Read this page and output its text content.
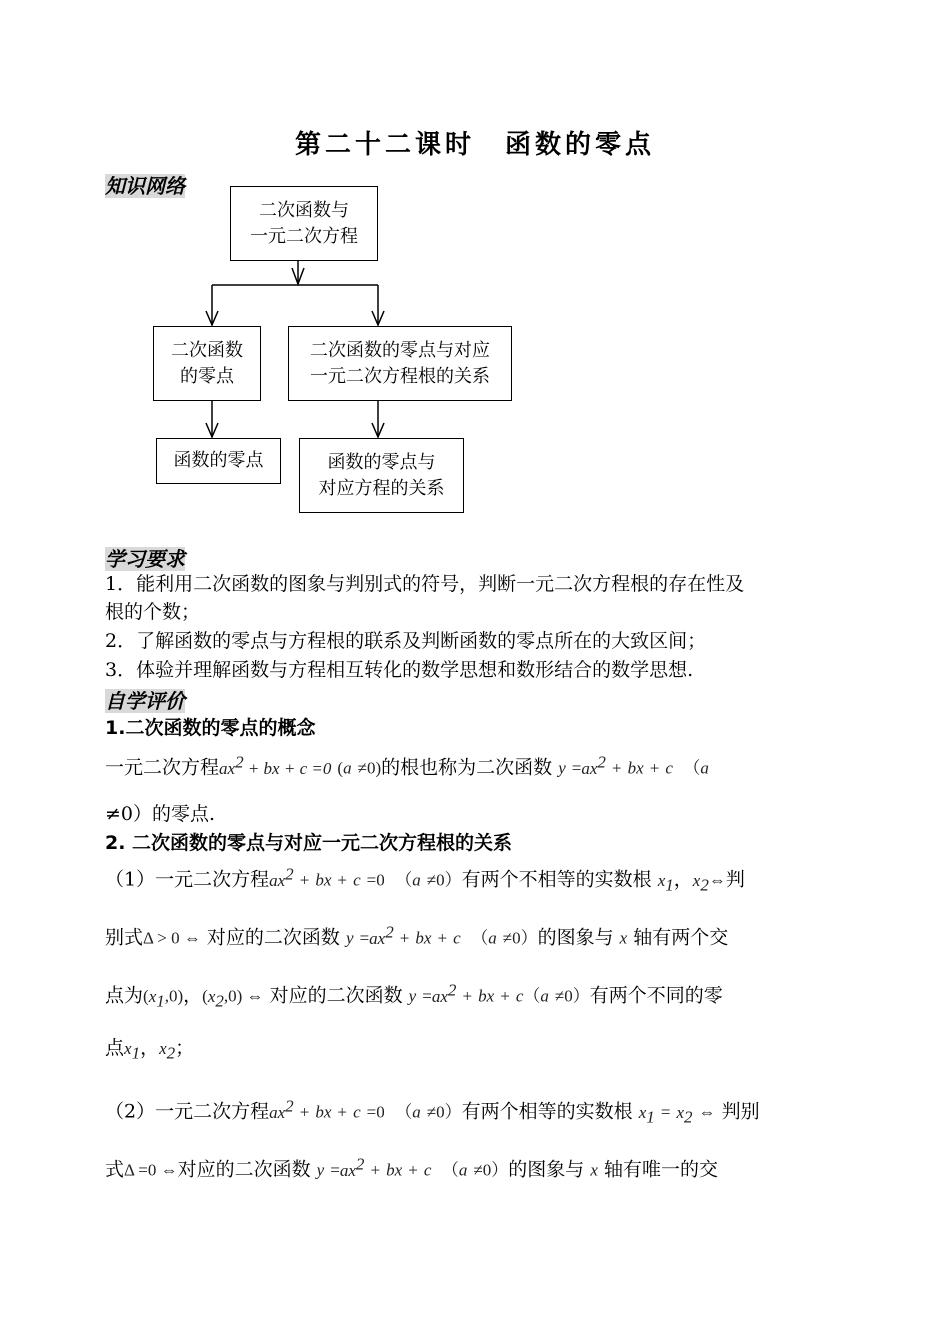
第二十二课时　函数的零点
知识网络
二次函数与
一元二次方程
二次函数
的零点
二次函数的零点与对应
一元二次方程根的关系
函数的零点	函数的零点与
对应方程的关系
学习要求
1．能利用二次函数的图象与判别式的符号，判断一元二次方程根的存在性及
根的个数；
2．了解函数的零点与方程根的联系及判断函数的零点所在的大致区间；
3．体验并理解函数与方程相互转化的数学思想和数形结合的数学思想.
自学评价
1.二次函数的零点的概念
一元二次方程$ax^2$ + bx + c =0 (a ≠0)的根也称为二次函数 $y =ax^2$ + bx + c　 （a
≠0）的零点.
2. 二次函数的零点与对应一元二次方程根的关系
（1）一元二次方程$ax^2$ + bx + c =0　 （a ≠0）有两个不相等的实数根 $x_1$，$x_2\Leftrightarrow$判
别式Δ > 0 ⇔ 对应的二次函数 $y =ax^2$ + bx + c　 （a ≠0）的图象与 x 轴有两个交
点为$(x_1,0)$，$(x_2,0)$ ⇔ 对应的二次函数 $y =ax^2$ + bx + c（a ≠0）有两个不同的零
点$x_1$，$x_2$；
（2）一元二次方程$ax^2$ + bx + c =0　 （a ≠0）有两个相等的实数根 $x_1 = x_2$ ⇔ 判别
式Δ =0 ⇔对应的二次函数 $y =ax^2$ + bx + c　 （a ≠0）的图象与 x 轴有唯一的交
